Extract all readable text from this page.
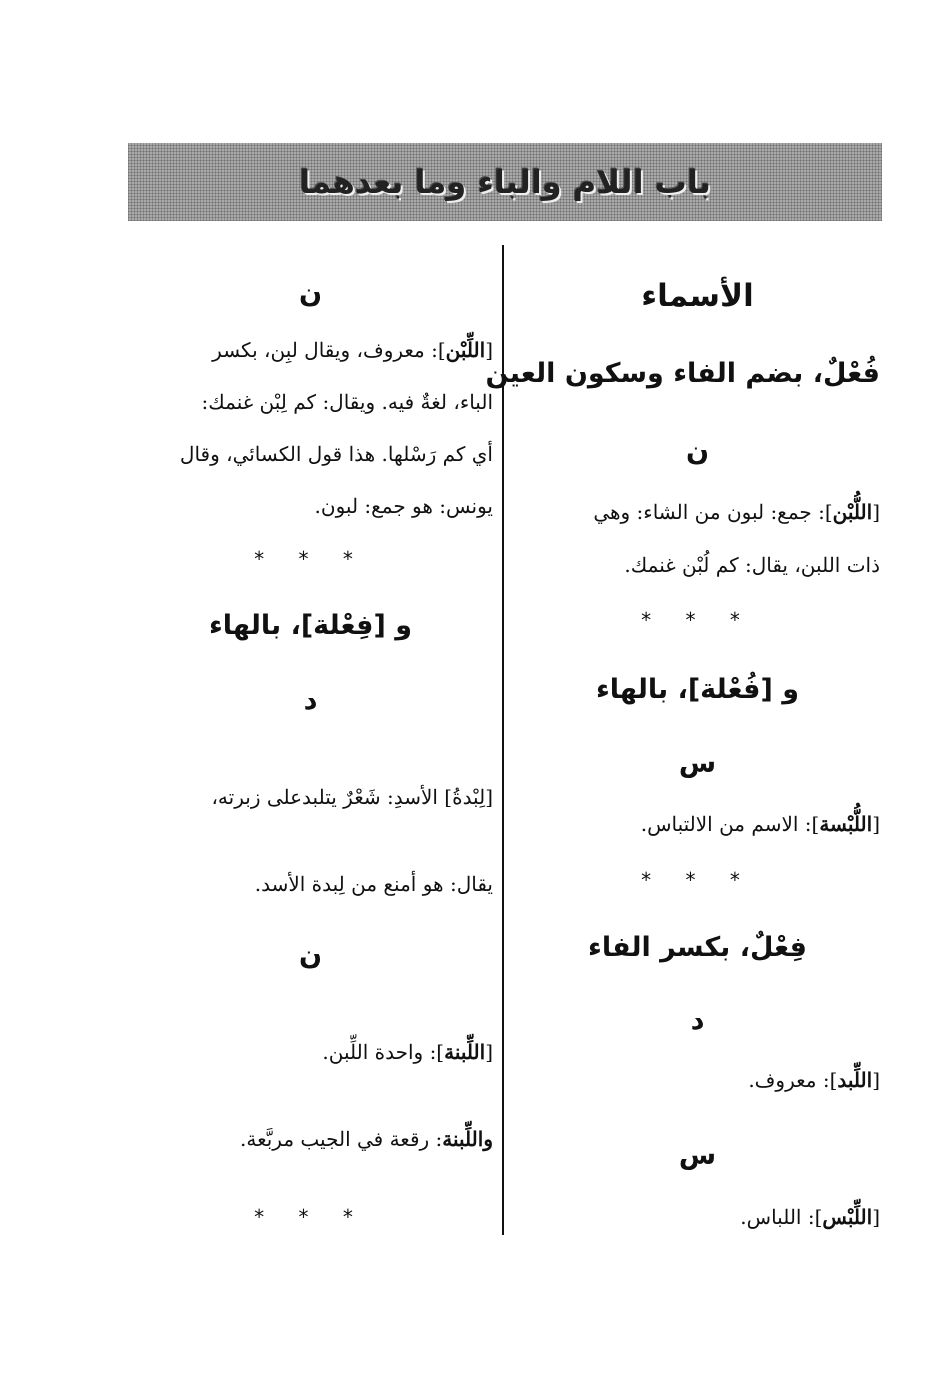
باب اللام والباء وما بعدهما
الأسماء
فُعْلٌ، بضم الفاء وسكون العين
ن
[اللُّبْن]: جمع: لبون من الشاء: وهي
ذات اللبن، يقال: كم لُبْن غنمك.
* * *
و [فُعْلة]، بالهاء
س
[اللُّبْسة]: الاسم من الالتباس.
* * *
فِعْلٌ، بكسر الفاء
د
[اللِّبد]: معروف.
س
[اللِّبْس]: اللباس.
ن
[اللِّبْن]: معروف، ويقال لبِن، بكسر
الباء، لغةٌ فيه. ويقال: كم لِبْن غنمك:
أي كم رَسْلها. هذا قول الكسائي، وقال
يونس: هو جمع: لبون.
* * *
و [فِعْلة]، بالهاء
د
[لِبْدةُ] الأسدِ: شَعْرٌ يتلبدعلى زبرته،
يقال: هو أمنع من لِبدة الأسد.
ن
[اللِّبنة]: واحدة اللِّبن.
واللِّبنة: رقعة في الجيب مربَّعة.
* * *
